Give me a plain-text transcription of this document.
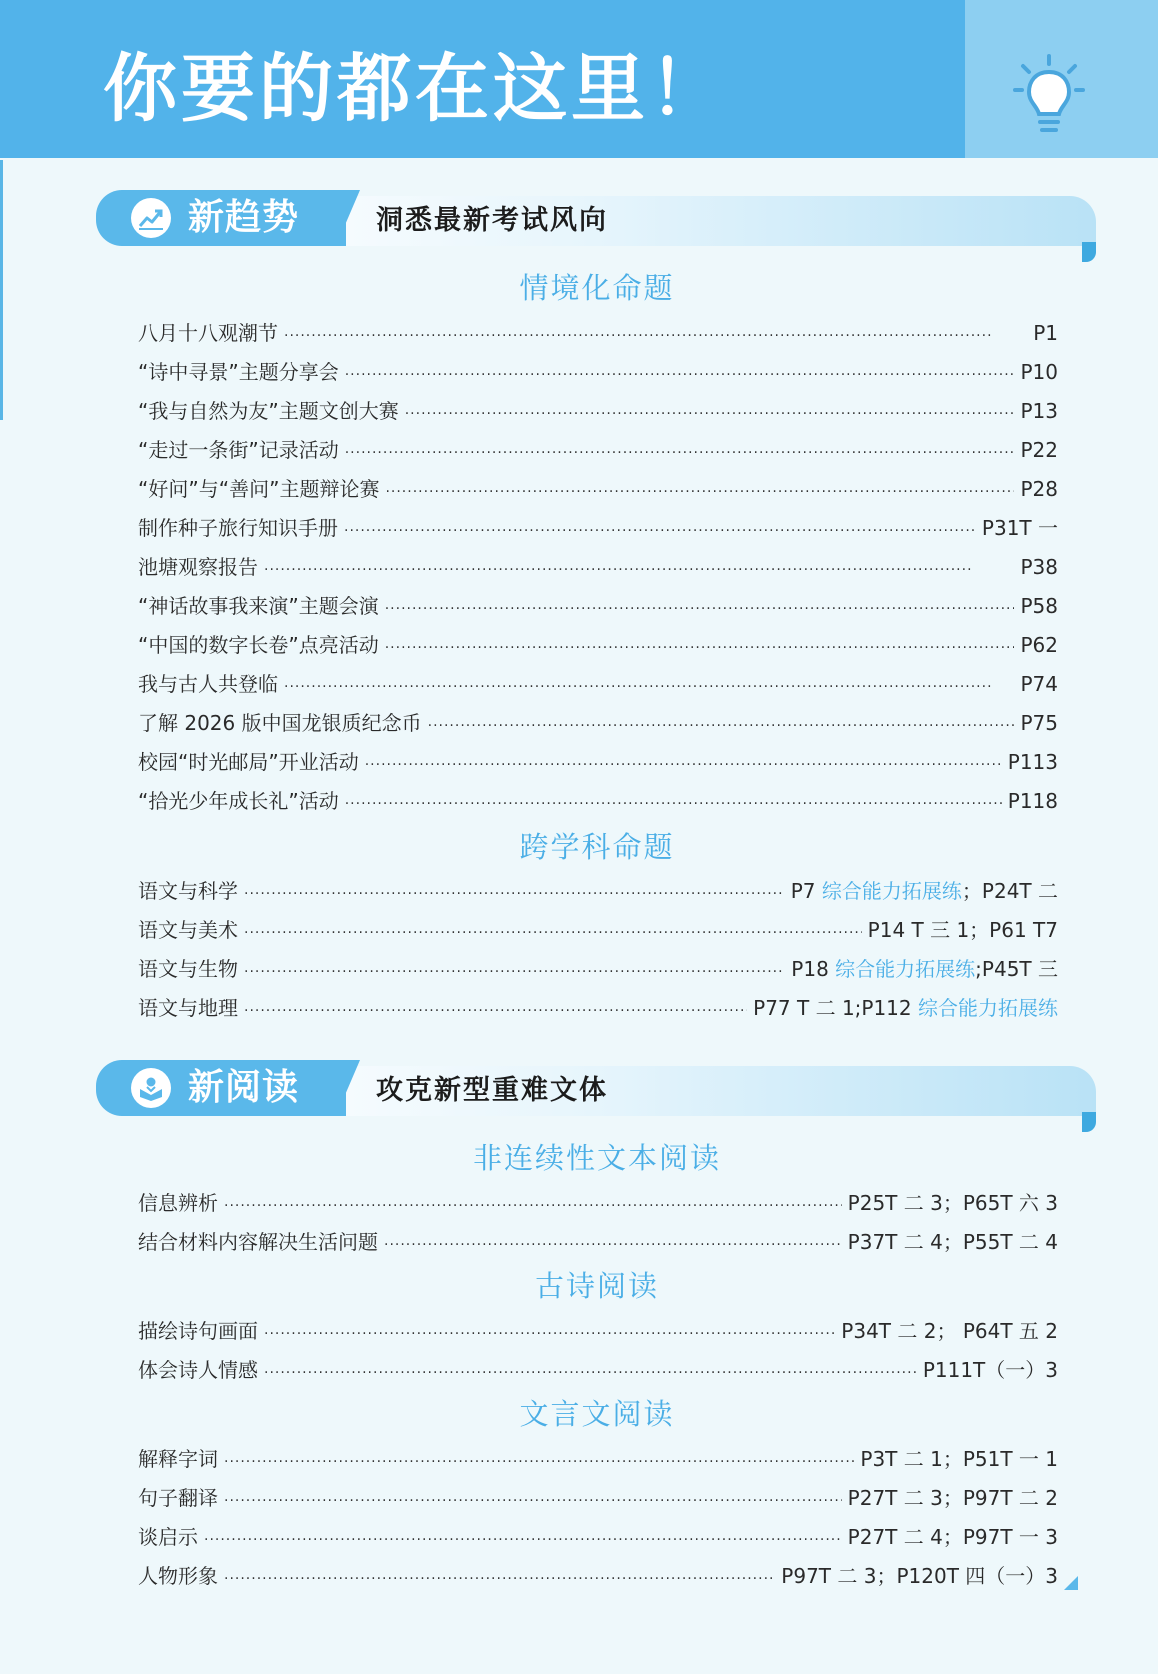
你要的都在这里！
新趋势	洞悉最新考试风向
情境化命题
八月十八观潮节 ·····	P1
“诗中寻景”主题分享会 ·····	P10
“我与自然为友”主题文创大赛 ·····	P13
“走过一条街”记录活动 ·····	P22
“好问”与“善问”主题辩论赛 ·····	P28
制作种子旅行知识手册 ·····	P31T 一
池塘观察报告 ·····	P38
“神话故事我来演”主题会演 ·····	P58
“中国的数字长卷”点亮活动 ·····	P62
我与古人共登临 ·····	P74
了解 2026 版中国龙银质纪念币 ·····	P75
校园“时光邮局”开业活动 ·····	P113
“拾光少年成长礼”活动 ·····	P118
跨学科命题
语文与科学 ·····	P7 综合能力拓展练；P24T 二
语文与美术 ·····	P14 T 三 1；P61 T7
语文与生物 ·····	P18 综合能力拓展练;P45T 三
语文与地理 ·····	P77 T 二 1;P112 综合能力拓展练
新阅读	攻克新型重难文体
非连续性文本阅读
信息辨析 ·····	P25T 二 3；P65T 六 3
结合材料内容解决生活问题 ·····	P37T 二 4；P55T 二 4
古诗阅读
描绘诗句画面 ·····	P34T 二 2； P64T 五 2
体会诗人情感 ·····	P111T（一）3
文言文阅读
解释字词 ·····	P3T 二 1；P51T 一 1
句子翻译 ·····	P27T 二 3；P97T 二 2
谈启示 ·····	P27T 二 4；P97T 一 3
人物形象 ·····	P97T 二 3；P120T 四（一）3
